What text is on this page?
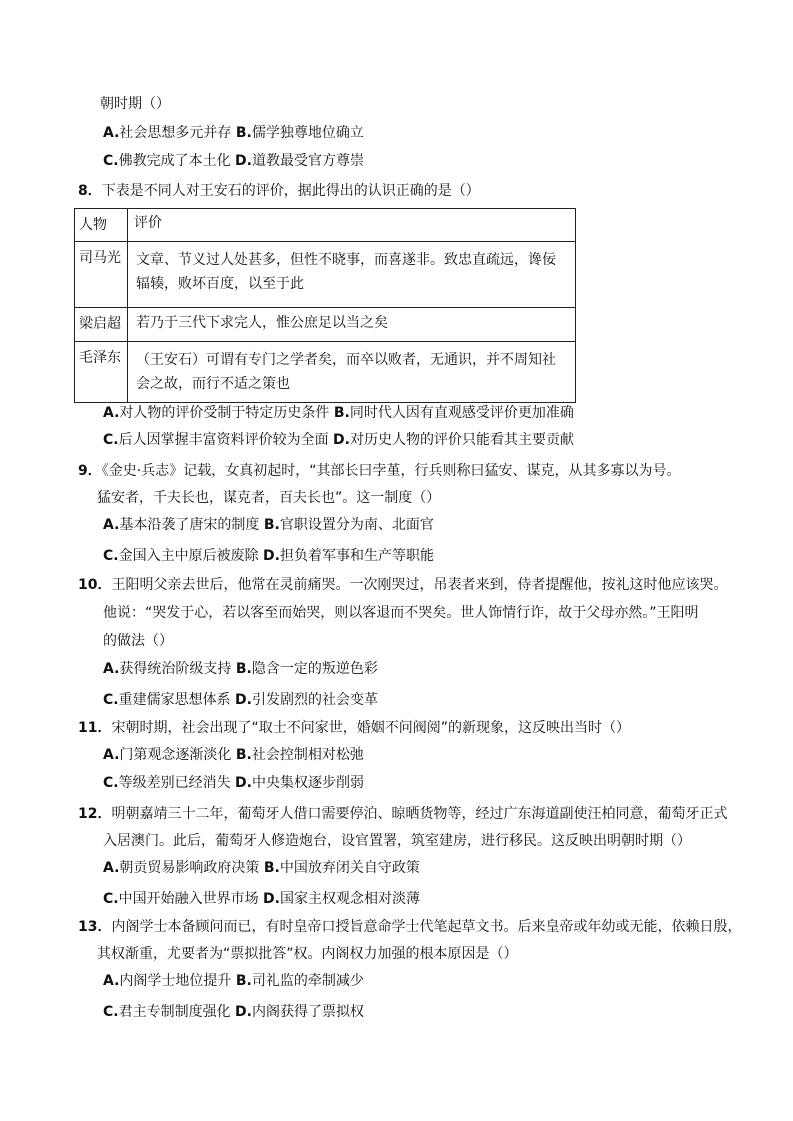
朝时期（）
A.社会思想多元并存 B.儒学独尊地位确立
C.佛教完成了本土化 D.道教最受官方尊崇
8．下表是不同人对王安石的评价，据此得出的认识正确的是（）
人物	评价
司马光	文章、节义过人处甚多，但性不晓事，而喜遂非。致忠直疏远，谗佞辐辏，败坏百度，以至于此
梁启超	若乃于三代下求完人，惟公庶足以当之矣
毛泽东	（王安石）可谓有专门之学者矣，而卒以败者，无通识，并不周知社会之故，而行不适之策也
A.对人物的评价受制于特定历史条件 B.同时代人因有直观感受评价更加准确
C.后人因掌握丰富资料评价较为全面 D.对历史人物的评价只能看其主要贡献
9．《金史·兵志》记载，女真初起时，“其部长曰孛堇，行兵则称曰猛安、谋克，从其多寡以为号。
猛安者，千夫长也，谋克者，百夫长也”。这一制度（）
A.基本沿袭了唐宋的制度 B.官职设置分为南、北面官
C.金国入主中原后被废除 D.担负着军事和生产等职能
10．王阳明父亲去世后，他常在灵前痛哭。一次刚哭过，吊表者来到，侍者提醒他，按礼这时他应该哭。
他说：“哭发于心，若以客至而始哭，则以客退而不哭矣。世人饰情行诈，故于父母亦然。”王阳明
的做法（）
A.获得统治阶级支持 B.隐含一定的叛逆色彩
C.重建儒家思想体系 D.引发剧烈的社会变革
11．宋朝时期，社会出现了“取士不问家世，婚姻不问阀阅”的新现象，这反映出当时（）
A.门第观念逐渐淡化 B.社会控制相对松弛
C.等级差别已经消失 D.中央集权逐步削弱
12．明朝嘉靖三十二年，葡萄牙人借口需要停泊、晾晒货物等，经过广东海道副使汪柏同意，葡萄牙正式
入居澳门。此后，葡萄牙人修造炮台，设官置署，筑室建房，进行移民。这反映出明朝时期（）
A.朝贡贸易影响政府决策 B.中国放弃闭关自守政策
C.中国开始融入世界市场 D.国家主权观念相对淡薄
13．内阁学士本备顾问而已，有时皇帝口授旨意命学士代笔起草文书。后来皇帝或年幼或无能，依赖日殷，
其权渐重，尤要者为“票拟批答”权。内阁权力加强的根本原因是（）
A.内阁学士地位提升 B.司礼监的牵制减少
C.君主专制制度强化 D.内阁获得了票拟权
